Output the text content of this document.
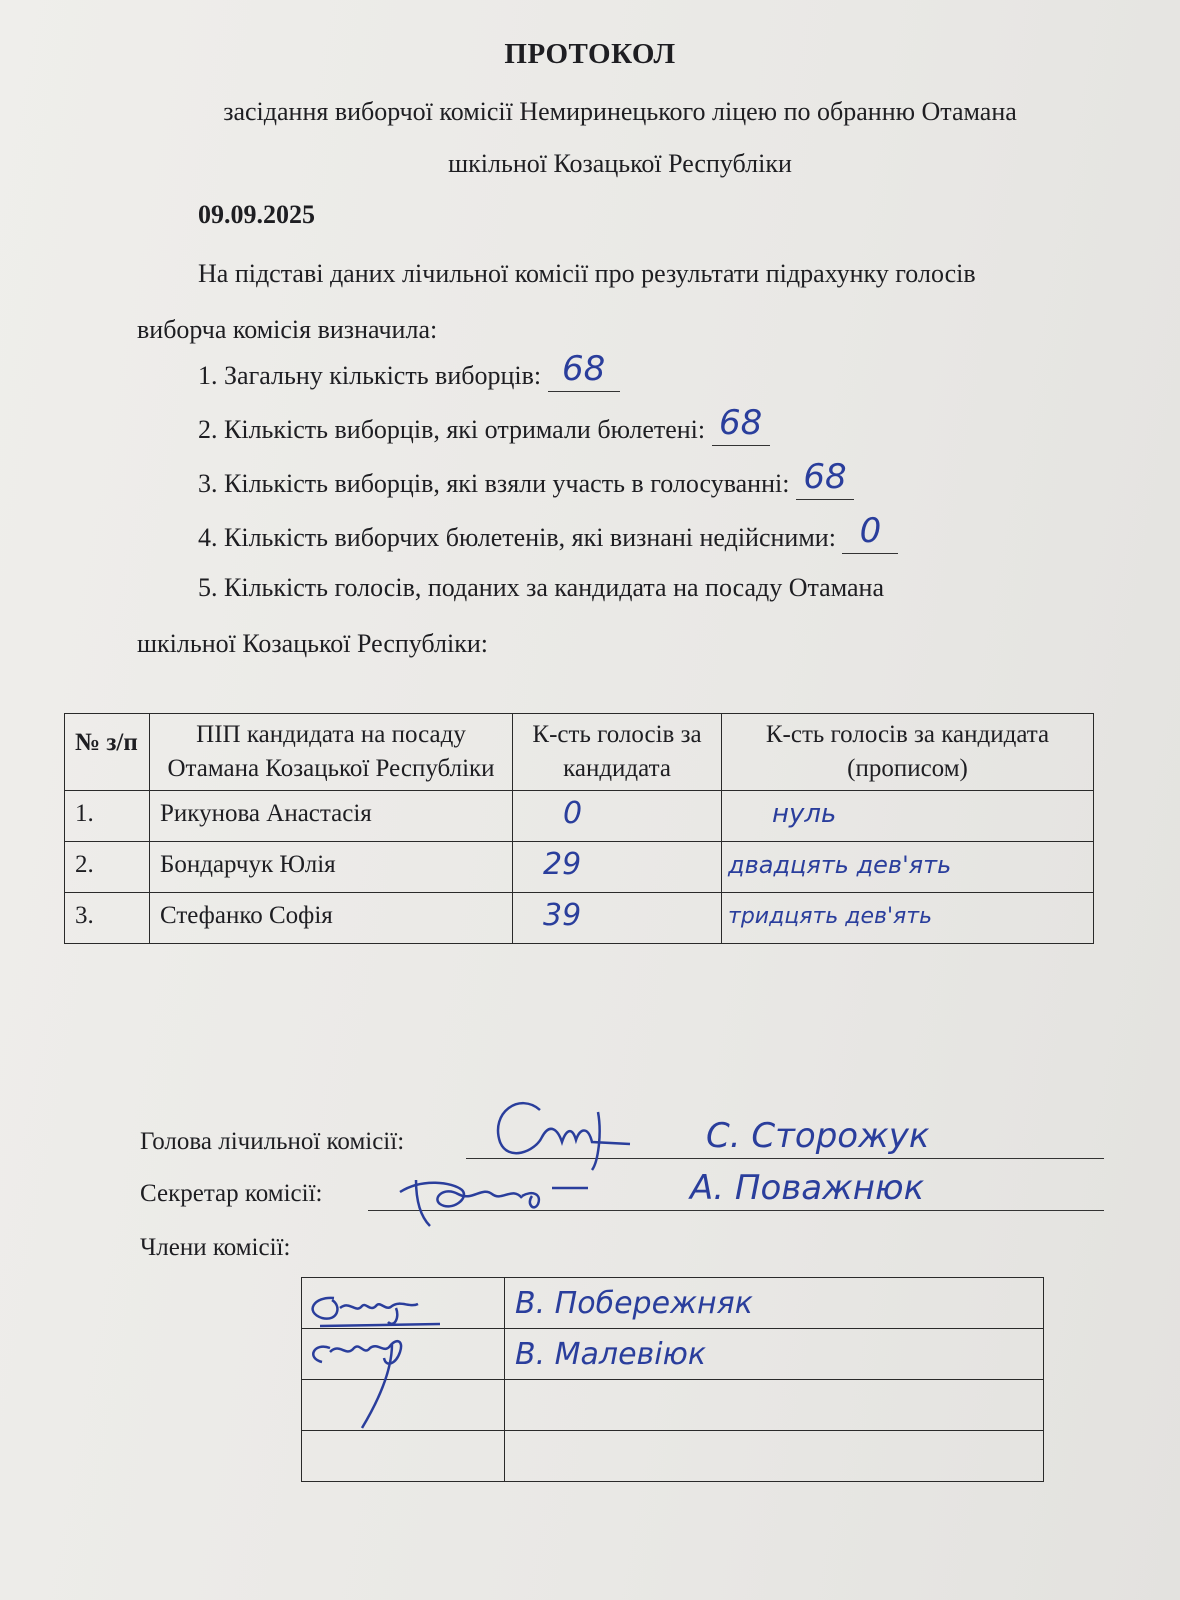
ПРОТОКОЛ
засідання виборчої комісії Немиринецького ліцею по обранню Отамана
шкільної Козацької Республіки
09.09.2025
На підставі даних лічильної комісії про результати підрахунку голосів
виборча комісія визначила:
1. Загальну кількість виборців: 68
2. Кількість виборців, які отримали бюлетені: 68
3. Кількість виборців, які взяли участь в голосуванні: 68
4. Кількість виборчих бюлетенів, які визнані недійсними: 0
5. Кількість голосів, поданих за кандидата на посаду Отамана
шкільної Козацької Республіки:
№ з/п	ПІП кандидата на посаду Отамана Козацької Республіки	К-сть голосів за кандидата	К-сть голосів за кандидата (прописом)
1.	Рикунова Анастасія	0	нуль
2.	Бондарчук Юлія	29	двадцять дев'ять
3.	Стефанко Софія	39	тридцять дев'ять
Голова лічильної комісії:	С. Сторожук
Секретар комісії:	А. Поважнюк
Члени комісії:
	В. Побережняк
	В. Малевіюк
